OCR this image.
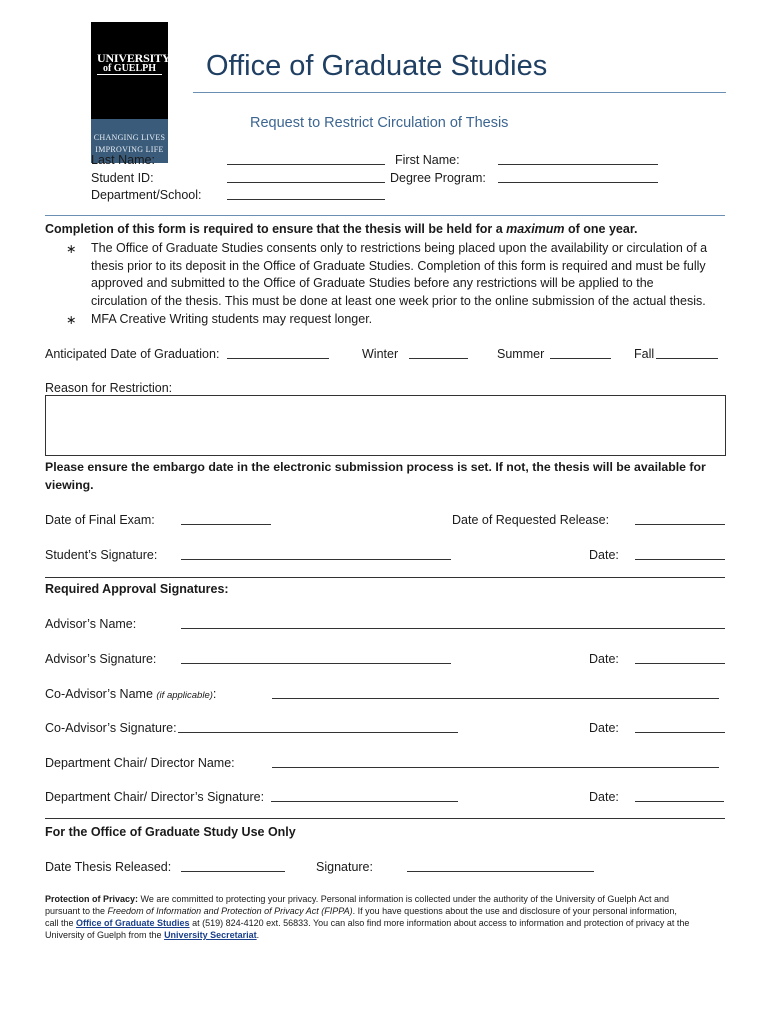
UNIVERSITY
of GUELPH
CHANGING LIVES
IMPROVING LIFE
Office of Graduate Studies
Request to Restrict Circulation of Thesis
Last Name:	First Name:
Student ID:	Degree Program:
Department/School:
Completion of this form is required to ensure that the thesis will be held for a maximum of one year.
∗ The Office of Graduate Studies consents only to restrictions being placed upon the availability or circulation of a
thesis prior to its deposit in the Office of Graduate Studies. Completion of this form is required and must be fully
approved and submitted to the Office of Graduate Studies before any restrictions will be applied to the
circulation of the thesis. This must be done at least one week prior to the online submission of the actual thesis.
∗ MFA Creative Writing students may request longer.
Anticipated Date of Graduation:	Winter	Summer	Fall
Reason for Restriction:
Please ensure the embargo date in the electronic submission process is set. If not, the thesis will be available for
viewing.
Date of Final Exam:	Date of Requested Release:
Student’s Signature:	Date:
Required Approval Signatures:
Advisor’s Name:
Advisor’s Signature:	Date:
Co-Advisor’s Name (if applicable):
Co-Advisor’s Signature:	Date:
Department Chair/ Director Name:
Department Chair/ Director’s Signature:	Date:
For the Office of Graduate Study Use Only
Date Thesis Released:	Signature:
Protection of Privacy: We are committed to protecting your privacy. Personal information is collected under the authority of the University of Guelph Act and
pursuant to the Freedom of Information and Protection of Privacy Act (FIPPA). If you have questions about the use and disclosure of your personal information,
call the Office of Graduate Studies at (519) 824-4120 ext. 56833. You can also find more information about access to information and protection of privacy at the
University of Guelph from the University Secretariat.
